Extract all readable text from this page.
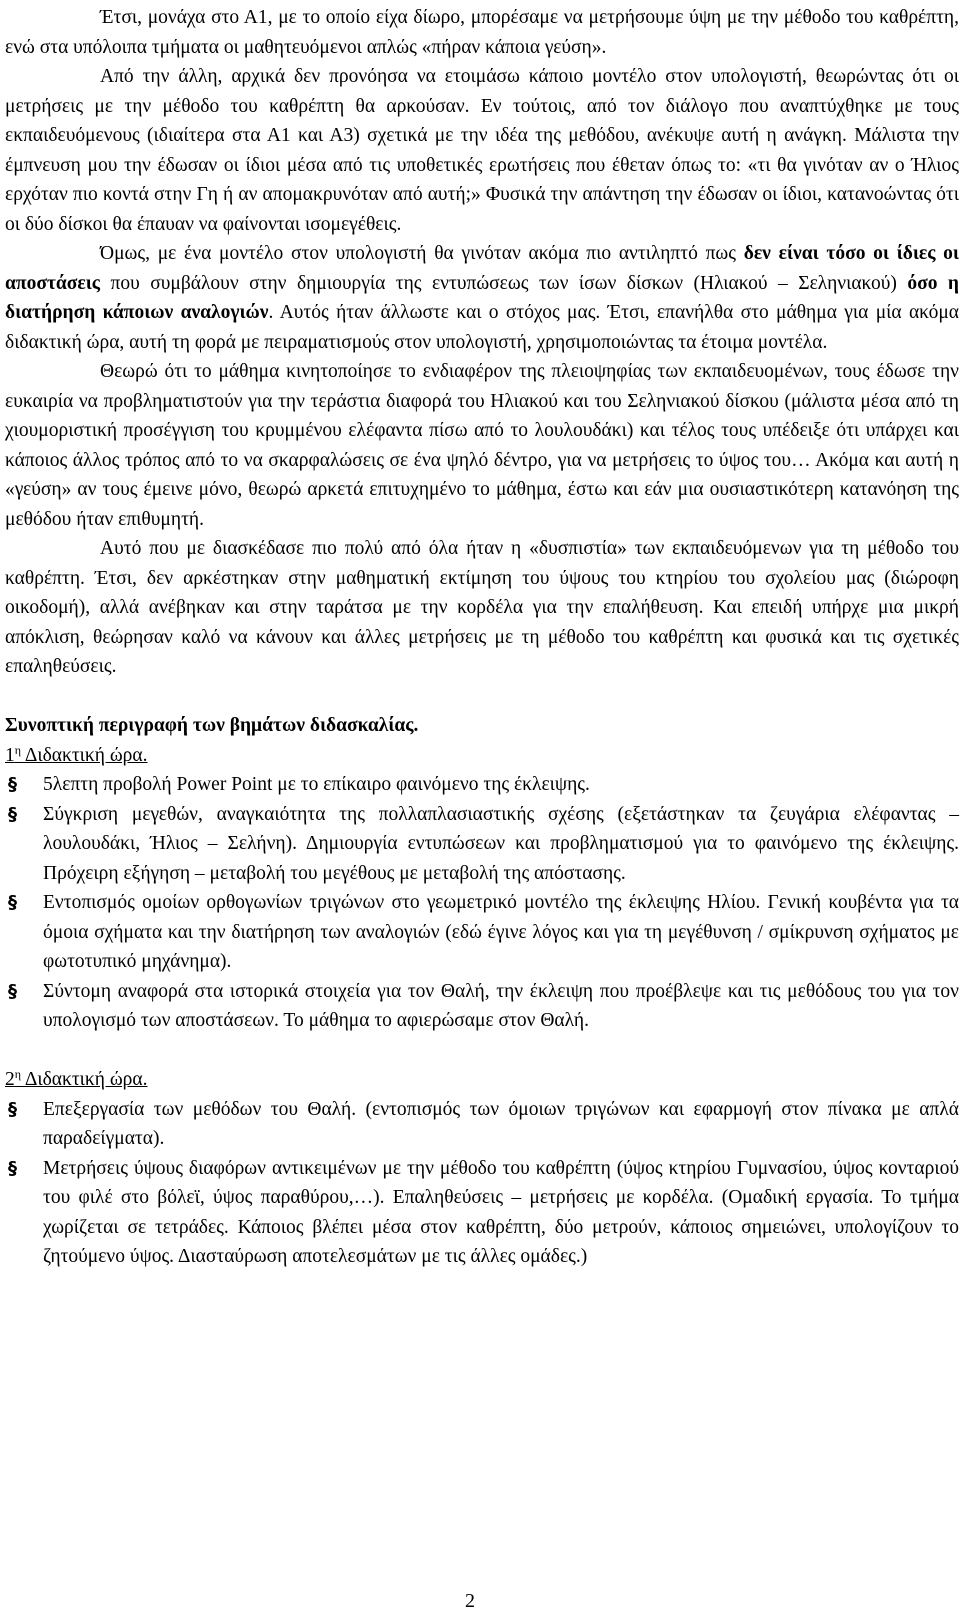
Έτσι, μονάχα στο Α1, με το οποίο είχα δίωρο, μπορέσαμε να μετρήσουμε ύψη με την μέθοδο του καθρέπτη, ενώ στα υπόλοιπα τμήματα οι μαθητευόμενοι απλώς «πήραν κάποια γεύση».

Από την άλλη, αρχικά δεν προνόησα να ετοιμάσω κάποιο μοντέλο στον υπολογιστή, θεωρώντας ότι οι μετρήσεις με την μέθοδο του καθρέπτη θα αρκούσαν. Εν τούτοις, από τον διάλογο που αναπτύχθηκε με τους εκπαιδευόμενους (ιδιαίτερα στα Α1 και Α3) σχετικά με την ιδέα της μεθόδου, ανέκυψε αυτή η ανάγκη. Μάλιστα την έμπνευση μου την έδωσαν οι ίδιοι μέσα από τις υποθετικές ερωτήσεις που έθεταν όπως το: «τι θα γινόταν αν ο Ήλιος ερχόταν πιο κοντά στην Γη ή αν απομακρυνόταν από αυτή;» Φυσικά την απάντηση την έδωσαν οι ίδιοι, κατανοώντας ότι οι δύο δίσκοι θα έπαυαν να φαίνονται ισομεγέθεις.

Όμως, με ένα μοντέλο στον υπολογιστή θα γινόταν ακόμα πιο αντιληπτό πως δεν είναι τόσο οι ίδιες οι αποστάσεις που συμβάλουν στην δημιουργία της εντυπώσεως των ίσων δίσκων (Ηλιακού – Σεληνιακού) όσο η διατήρηση κάποιων αναλογιών. Αυτός ήταν άλλωστε και ο στόχος μας. Έτσι, επανήλθα στο μάθημα για μία ακόμα διδακτική ώρα, αυτή τη φορά με πειραματισμούς στον υπολογιστή, χρησιμοποιώντας τα έτοιμα μοντέλα.

Θεωρώ ότι το μάθημα κινητοποίησε το ενδιαφέρον της πλειοψηφίας των εκπαιδευομένων, τους έδωσε την ευκαιρία να προβληματιστούν για την τεράστια διαφορά του Ηλιακού και του Σεληνιακού δίσκου (μάλιστα μέσα από τη χιουμοριστική προσέγγιση του κρυμμένου ελέφαντα πίσω από το λουλουδάκι) και τέλος τους υπέδειξε ότι υπάρχει και κάποιος άλλος τρόπος από το να σκαρφαλώσεις σε ένα ψηλό δέντρο, για να μετρήσεις το ύψος του… Ακόμα και αυτή η «γεύση» αν τους έμεινε μόνο, θεωρώ αρκετά επιτυχημένο το μάθημα, έστω και εάν μια ουσιαστικότερη κατανόηση της μεθόδου ήταν επιθυμητή.

Αυτό που με διασκέδασε πιο πολύ από όλα ήταν η «δυσπιστία» των εκπαιδευόμενων για τη μέθοδο του καθρέπτη. Έτσι, δεν αρκέστηκαν στην μαθηματική εκτίμηση του ύψους του κτηρίου του σχολείου μας (διώροφη οικοδομή), αλλά ανέβηκαν και στην ταράτσα με την κορδέλα για την επαλήθευση. Και επειδή υπήρχε μια μικρή απόκλιση, θεώρησαν καλό να κάνουν και άλλες μετρήσεις με τη μέθοδο του καθρέπτη και φυσικά και τις σχετικές επαληθεύσεις.

Συνοπτική περιγραφή των βημάτων διδασκαλίας.

$1^\eta$ Διδακτική ώρα.

§ 5λεπτη προβολή Power Point με το επίκαιρο φαινόμενο της έκλειψης.
§ Σύγκριση μεγεθών, αναγκαιότητα της πολλαπλασιαστικής σχέσης (εξετάστηκαν τα ζευγάρια ελέφαντας – λουλουδάκι, Ήλιος – Σελήνη). Δημιουργία εντυπώσεων και προβληματισμού για το φαινόμενο της έκλειψης. Πρόχειρη εξήγηση – μεταβολή του μεγέθους με μεταβολή της απόστασης.
§ Εντοπισμός ομοίων ορθογωνίων τριγώνων στο γεωμετρικό μοντέλο της έκλειψης Ηλίου. Γενική κουβέντα για τα όμοια σχήματα και την διατήρηση των αναλογιών (εδώ έγινε λόγος και για τη μεγέθυνση / σμίκρυνση σχήματος με φωτοτυπικό μηχάνημα).
§ Σύντομη αναφορά στα ιστορικά στοιχεία για τον Θαλή, την έκλειψη που προέβλεψε και τις μεθόδους του για τον υπολογισμό των αποστάσεων. Το μάθημα το αφιερώσαμε στον Θαλή.

$2^\eta$ Διδακτική ώρα.

§ Επεξεργασία των μεθόδων του Θαλή. (εντοπισμός των όμοιων τριγώνων και εφαρμογή στον πίνακα με απλά παραδείγματα).
§ Μετρήσεις ύψους διαφόρων αντικειμένων με την μέθοδο του καθρέπτη (ύψος κτηρίου Γυμνασίου, ύψος κονταριού του φιλέ στο βόλεϊ, ύψος παραθύρου,…). Επαληθεύσεις – μετρήσεις με κορδέλα. (Ομαδική εργασία. Το τμήμα χωρίζεται σε τετράδες. Κάποιος βλέπει μέσα στον καθρέπτη, δύο μετρούν, κάποιος σημειώνει, υπολογίζουν το ζητούμενο ύψος. Διασταύρωση αποτελεσμάτων με τις άλλες ομάδες.)
2
